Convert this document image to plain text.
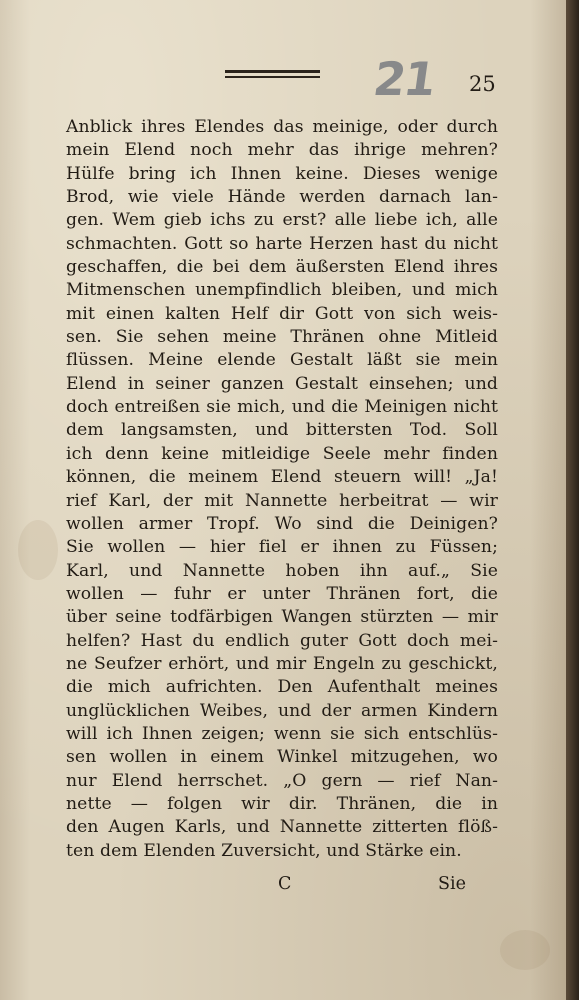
21 25
Anblick ihres Elendes das meinige, oder durch
mein Elend noch mehr das ihrige mehren?
Hülfe bring ich Ihnen keine. Dieses wenige
Brod, wie viele Hände werden darnach lan-
gen. Wem gieb ichs zu erst? alle liebe ich, alle
schmachten. Gott so harte Herzen hast du nicht
geschaffen, die bei dem äußersten Elend ihres
Mitmenschen unempfindlich bleiben, und mich
mit einen kalten Helf dir Gott von sich weis-
sen. Sie sehen meine Thränen ohne Mitleid
flüssen. Meine elende Gestalt läßt sie mein
Elend in seiner ganzen Gestalt einsehen; und
doch entreißen sie mich, und die Meinigen nicht
dem langsamsten, und bittersten Tod. Soll
ich denn keine mitleidige Seele mehr finden
können, die meinem Elend steuern will! „Ja!
rief Karl, der mit Nannette herbeitrat — wir
wollen armer Tropf. Wo sind die Deinigen?
Sie wollen — hier fiel er ihnen zu Füssen;
Karl, und Nannette hoben ihn auf.„ Sie
wollen — fuhr er unter Thränen fort, die
über seine todfärbigen Wangen stürzten — mir
helfen? Hast du endlich guter Gott doch mei-
ne Seufzer erhört, und mir Engeln zu geschickt,
die mich aufrichten. Den Aufenthalt meines
unglücklichen Weibes, und der armen Kindern
will ich Ihnen zeigen; wenn sie sich entschlüs-
sen wollen in einem Winkel mitzugehen, wo
nur Elend herrschet. „O gern — rief Nan-
nette — folgen wir dir. Thränen, die in
den Augen Karls, und Nannette zitterten flöß-
ten dem Elenden Zuversicht, und Stärke ein.
C	Sie
